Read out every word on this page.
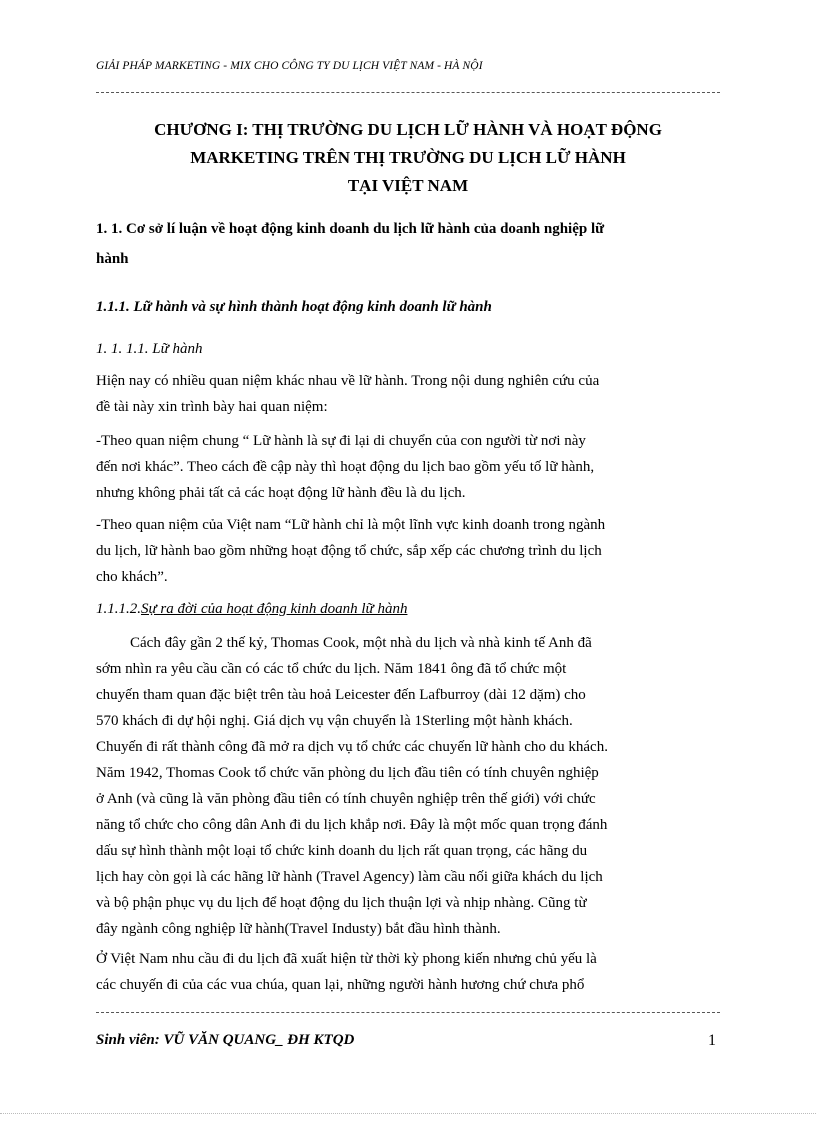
GIẢI PHÁP MARKETING - MIX CHO CÔNG TY DU LỊCH VIỆT NAM - HÀ NỘI
CHƯƠNG I: THỊ TRƯỜNG DU LỊCH LỮ HÀNH VÀ HOẠT ĐỘNG
MARKETING TRÊN THỊ TRƯỜNG DU LỊCH LỮ HÀNH
TẠI VIỆT NAM
1. 1. Cơ sở lí luận về hoạt động kinh doanh du lịch lữ hành của doanh nghiệp lữ
hành
1.1.1. Lữ hành và sự hình thành hoạt động kinh doanh lữ hành
1. 1. 1.1. Lữ hành
Hiện nay có nhiều quan niệm khác nhau về lữ hành. Trong nội dung nghiên cứu của
đề tài này xin trình bày hai quan niệm:
-Theo quan niệm chung “ Lữ hành là sự đi lại di chuyển của con người từ nơi này
đến nơi khác”. Theo cách đề cập này thì hoạt động du lịch bao gồm yếu tố lữ hành,
nhưng không phải tất cả các hoạt động lữ hành đều là du lịch.
-Theo quan niệm của Việt nam “Lữ hành chỉ là một lĩnh vực kinh doanh trong ngành
du lịch, lữ hành bao gồm những hoạt động tổ chức, sắp xếp các chương trình du lịch
cho khách”.
1.1.1.2.Sự ra đời của hoạt động kinh doanh lữ hành
Cách đây gần 2 thế kỷ, Thomas Cook, một nhà du lịch và nhà kinh tế Anh đã
sớm nhìn ra yêu cầu cần có các tổ chức du lịch. Năm 1841 ông đã tổ chức một
chuyến tham quan đặc biệt trên tàu hoả Leicester đến Lafburroy (dài 12 dặm) cho
570 khách đi dự hội nghị. Giá dịch vụ vận chuyển là 1Sterling một hành khách.
Chuyến đi rất thành công đã mở ra dịch vụ tổ chức các chuyến lữ hành cho du khách.
Năm 1942, Thomas Cook tổ chức văn phòng du lịch đầu tiên có tính chuyên nghiệp
ở Anh (và cũng là văn phòng đầu tiên có tính chuyên nghiệp trên thế giới) với chức
năng tổ chức cho công dân Anh đi du lịch khắp nơi. Đây là một mốc quan trọng đánh
dấu sự hình thành một loại tổ chức kinh doanh du lịch rất quan trọng, các hãng du
lịch hay còn gọi là các hãng lữ hành (Travel Agency) làm cầu nối giữa khách du lịch
và bộ phận phục vụ du lịch để hoạt động du lịch thuận lợi và nhịp nhàng. Cũng từ
đây ngành công nghiệp lữ hành(Travel Industy) bắt đầu hình thành.
Ở Việt Nam nhu cầu đi du lịch đã xuất hiện từ thời kỳ phong kiến nhưng chủ yếu là
các chuyến đi của các vua chúa, quan lại, những người hành hương chứ chưa phổ
Sinh viên: VŨ VĂN QUANG_ ĐH KTQD	1
